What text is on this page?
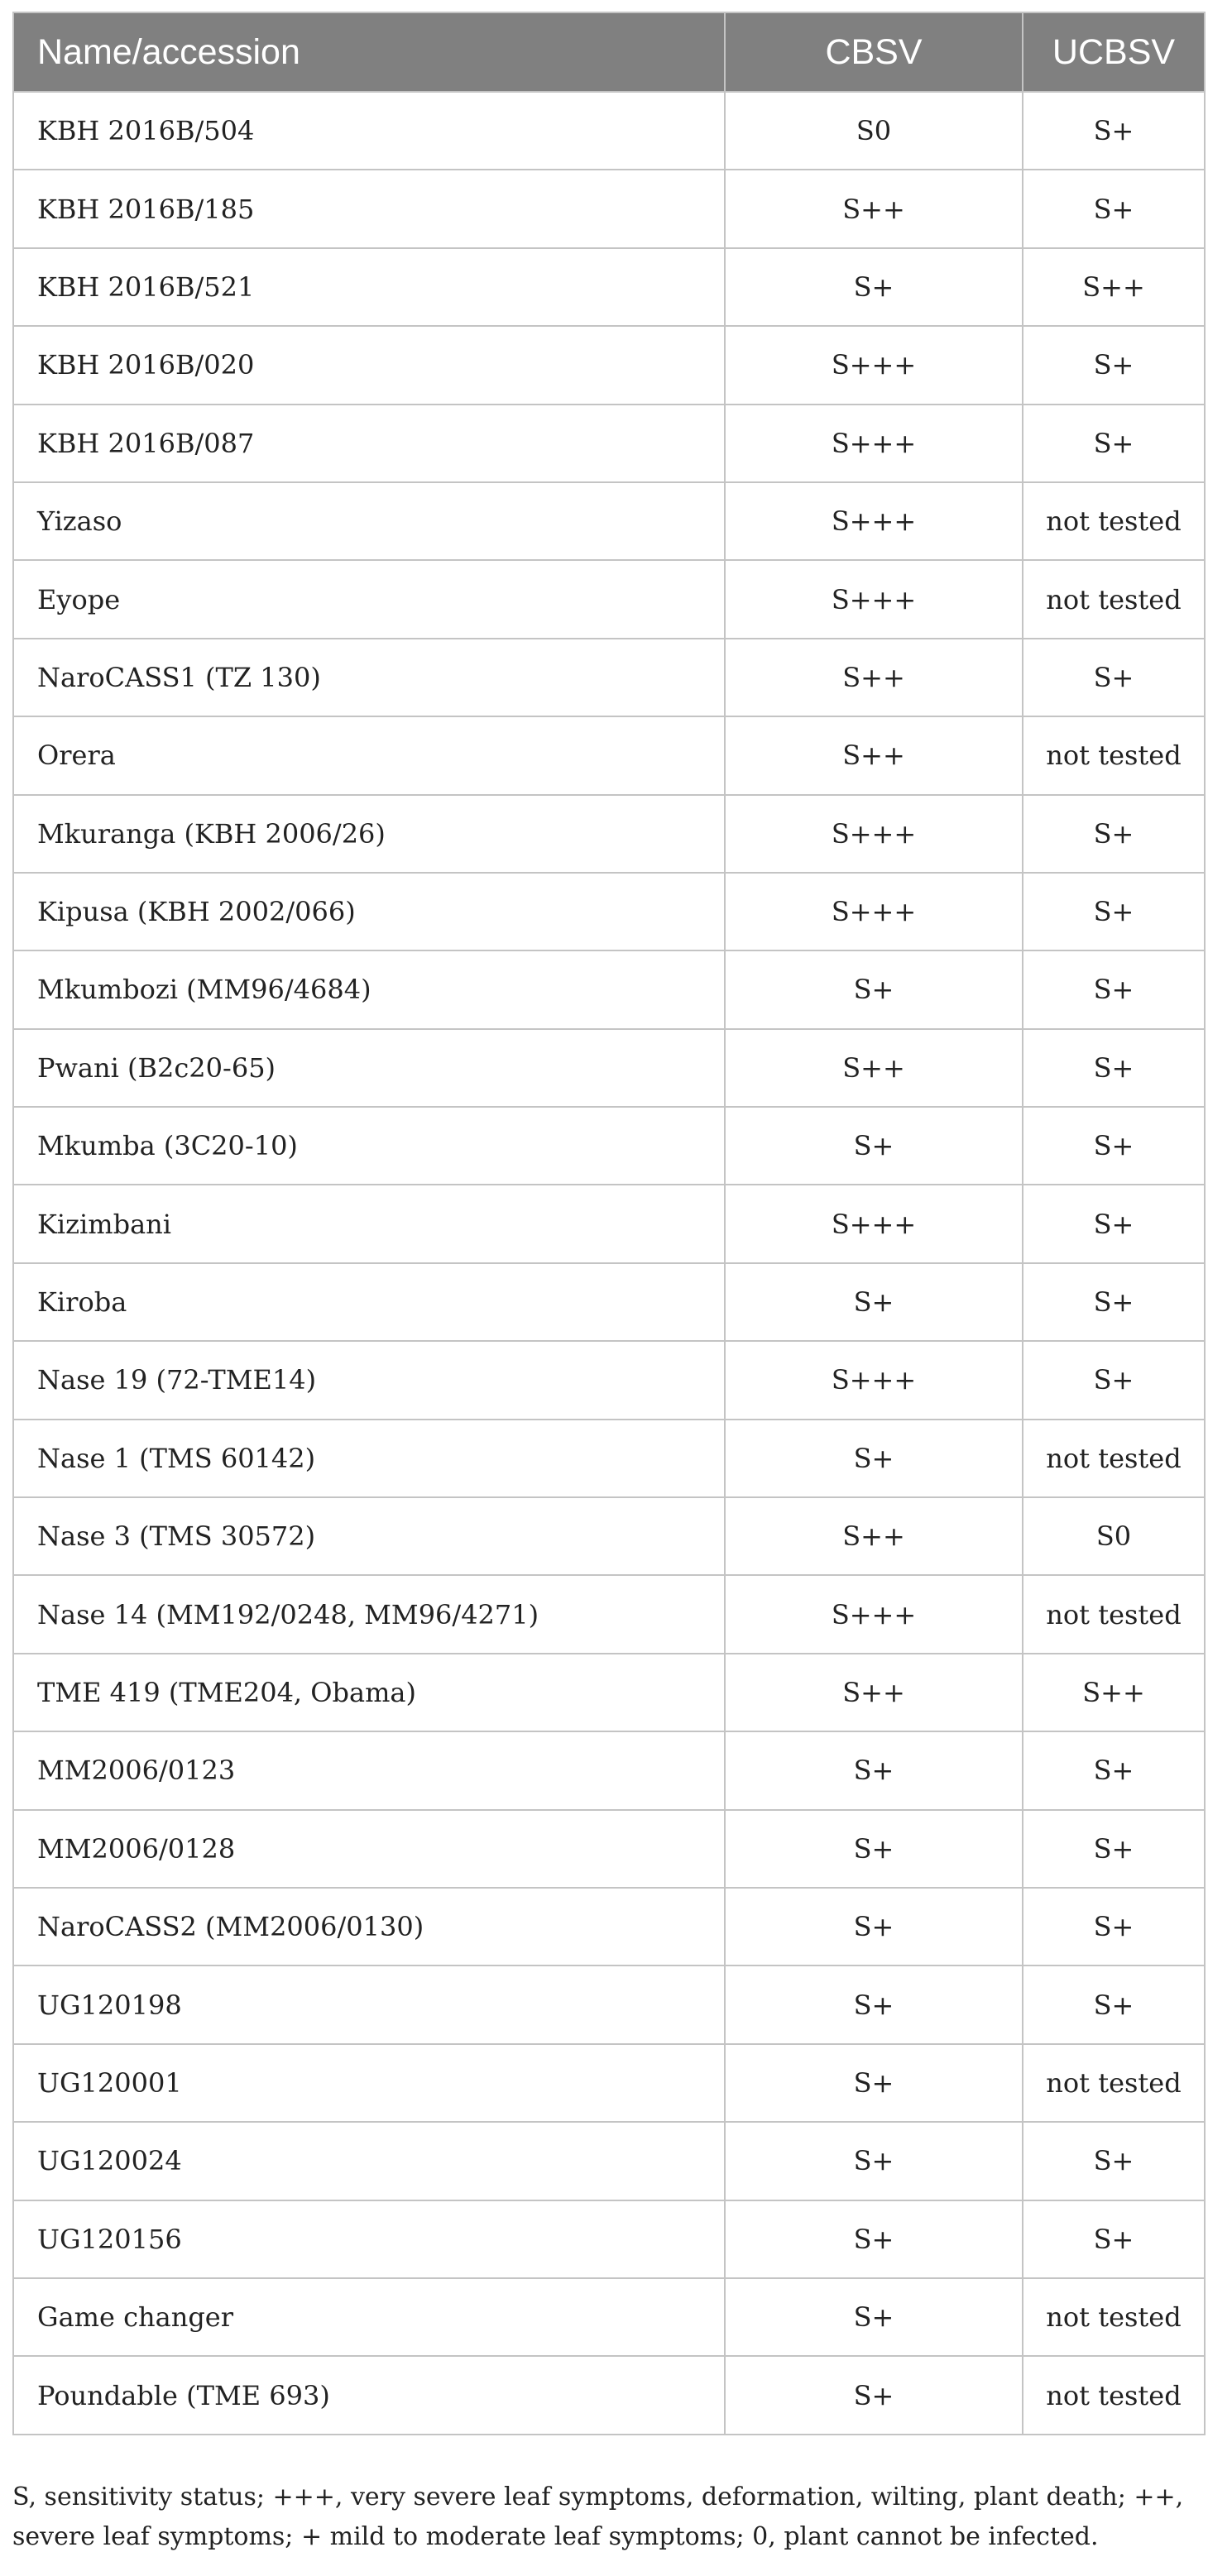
Name/accession	CBSV	UCBSV
KBH 2016B/504	S0	S+
KBH 2016B/185	S++	S+
KBH 2016B/521	S+	S++
KBH 2016B/020	S+++	S+
KBH 2016B/087	S+++	S+
Yizaso	S+++	not tested
Eyope	S+++	not tested
NaroCASS1 (TZ 130)	S++	S+
Orera	S++	not tested
Mkuranga (KBH 2006/26)	S+++	S+
Kipusa (KBH 2002/066)	S+++	S+
Mkumbozi (MM96/4684)	S+	S+
Pwani (B2c20-65)	S++	S+
Mkumba (3C20-10)	S+	S+
Kizimbani	S+++	S+
Kiroba	S+	S+
Nase 19 (72-TME14)	S+++	S+
Nase 1 (TMS 60142)	S+	not tested
Nase 3 (TMS 30572)	S++	S0
Nase 14 (MM192/0248, MM96/4271)	S+++	not tested
TME 419 (TME204, Obama)	S++	S++
MM2006/0123	S+	S+
MM2006/0128	S+	S+
NaroCASS2 (MM2006/0130)	S+	S+
UG120198	S+	S+
UG120001	S+	not tested
UG120024	S+	S+
UG120156	S+	S+
Game changer	S+	not tested
Poundable (TME 693)	S+	not tested
S, sensitivity status; +++, very severe leaf symptoms, deformation, wilting, plant death; ++, severe leaf symptoms; + mild to moderate leaf symptoms; 0, plant cannot be infected.
